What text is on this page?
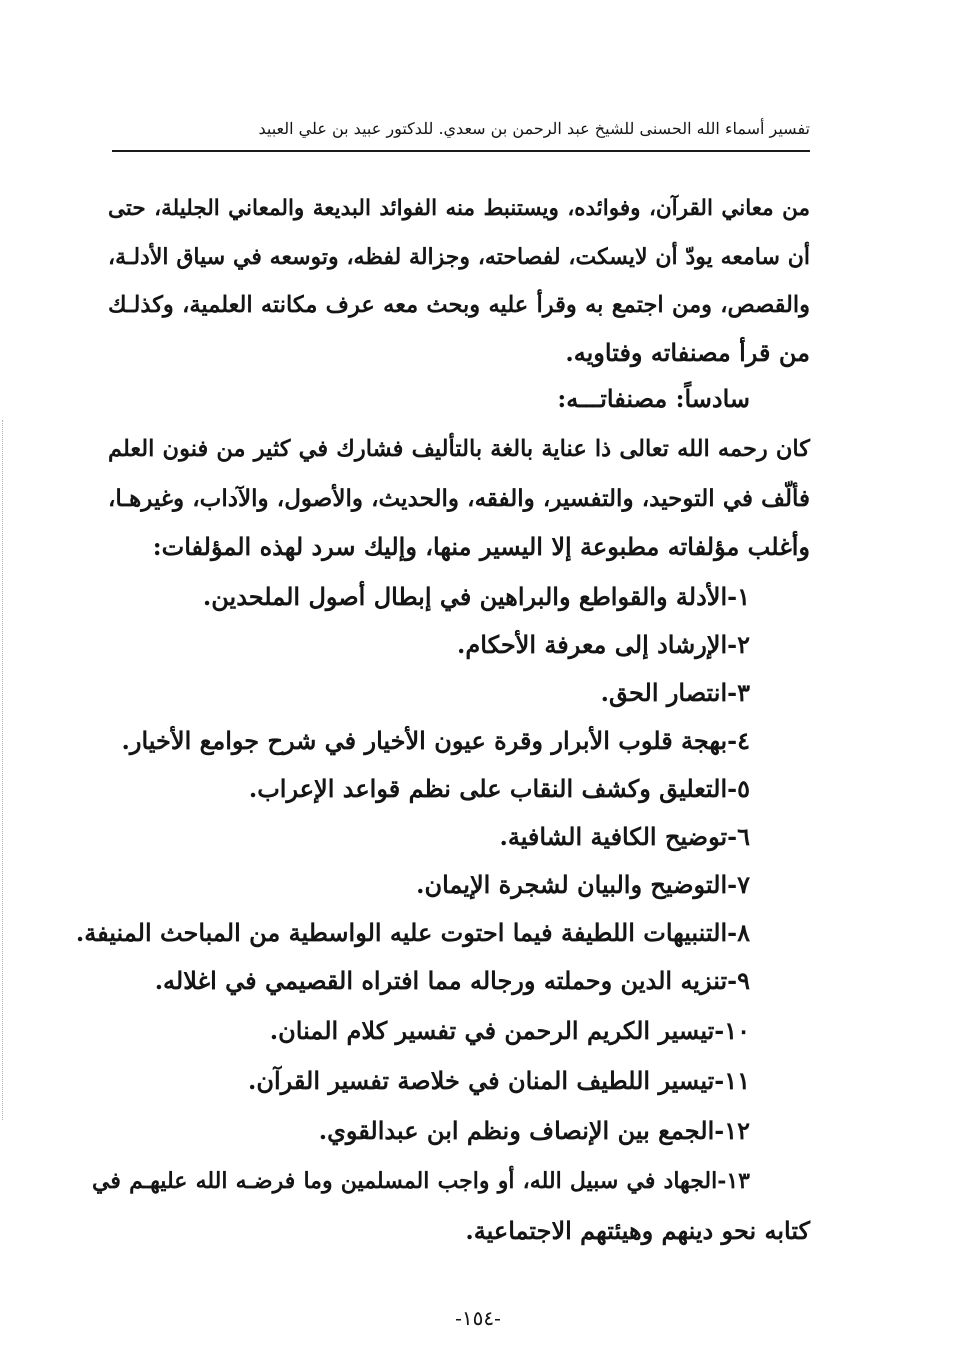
تفسير أسماء الله الحسنى للشيخ عبد الرحمن بن سعدي. للدكتور عبيد بن علي العبيد
من معاني القرآن، وفوائده، ويستنبط منه الفوائد البديعة والمعاني الجليلة، حتى
أن سامعه يودّ أن لايسكت، لفصاحته، وجزالة لفظه، وتوسعه في سياق الأدلـة،
والقصص، ومن اجتمع به وقرأ عليه وبحث معه عرف مكانته العلمية، وكذلـك
من قرأ مصنفاته وفتاويه.
سادساً: مصنفاتـــه:
كان رحمه الله تعالى ذا عناية بالغة بالتأليف فشارك في كثير من فنون العلم
فألّف في التوحيد، والتفسير، والفقه، والحديث، والأصول، والآداب، وغيرهـا،
وأغلب مؤلفاته مطبوعة إلا اليسير منها، وإليك سرد لهذه المؤلفات:
١-الأدلة والقواطع والبراهين في إبطال أصول الملحدين.
٢-الإرشاد إلى معرفة الأحكام.
٣-انتصار الحق.
٤-بهجة قلوب الأبرار وقرة عيون الأخيار في شرح جوامع الأخيار.
٥-التعليق وكشف النقاب على نظم قواعد الإعراب.
٦-توضيح الكافية الشافية.
٧-التوضيح والبيان لشجرة الإيمان.
٨-التنبيهات اللطيفة فيما احتوت عليه الواسطية من المباحث المنيفة.
٩-تنزيه الدين وحملته ورجاله مما افتراه القصيمي في اغلاله.
١٠-تيسير الكريم الرحمن في تفسير كلام المنان.
١١-تيسير اللطيف المنان في خلاصة تفسير القرآن.
١٢-الجمع بين الإنصاف ونظم ابن عبدالقوي.
١٣-الجهاد في سبيل الله، أو واجب المسلمين وما فرضـه الله عليهـم في
كتابه نحو دينهم وهيئتهم الاجتماعية.
-١٥٤-
